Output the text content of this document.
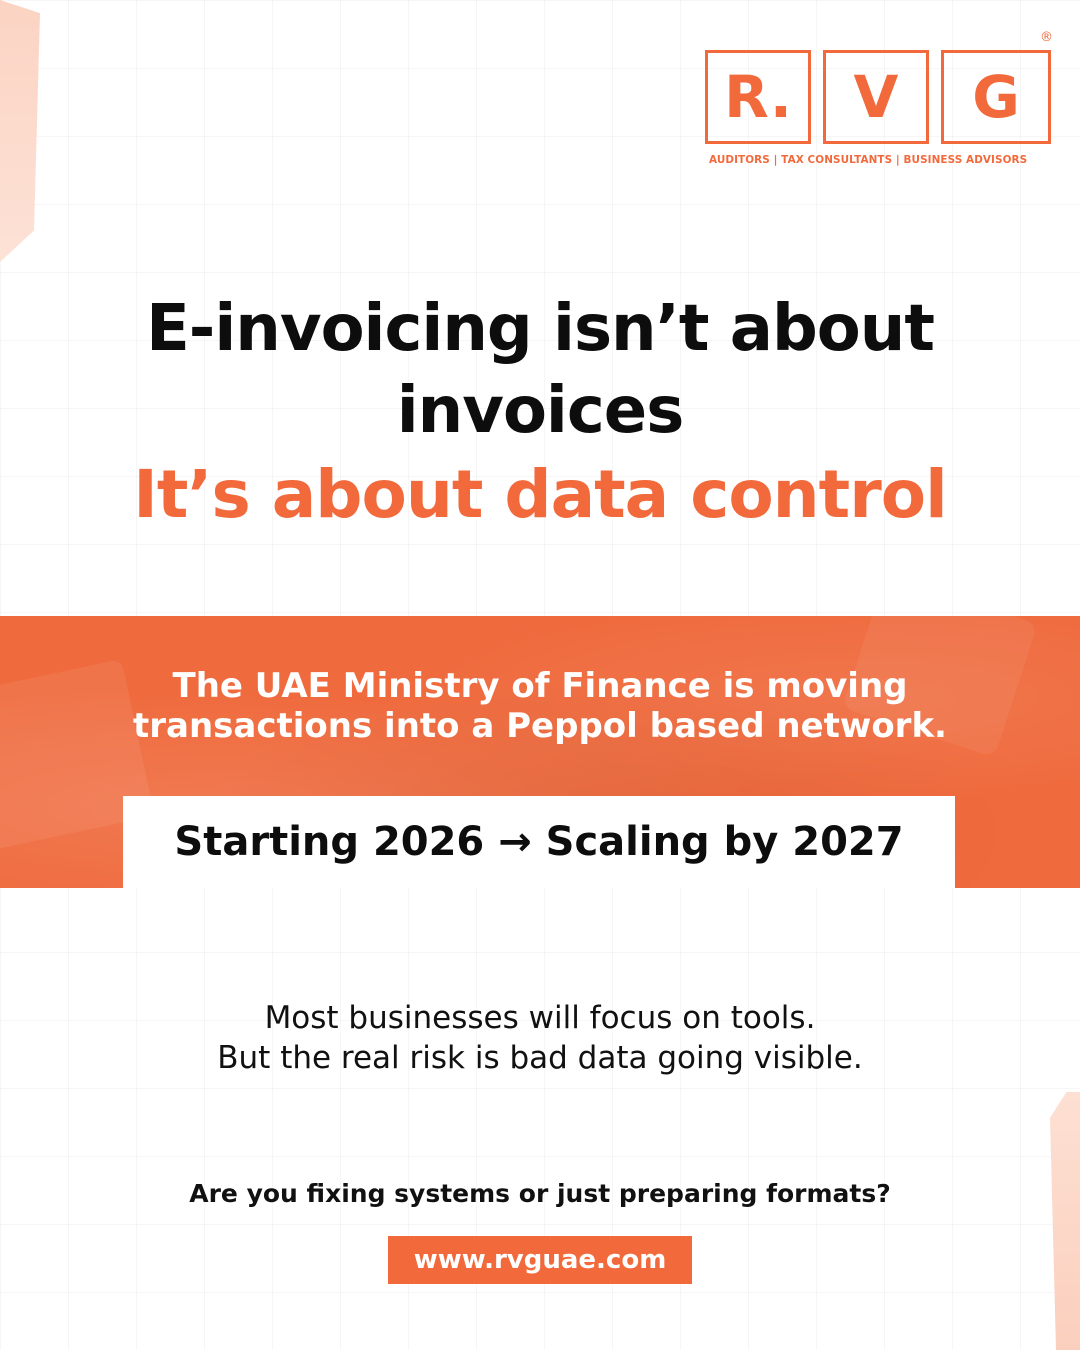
R. V G
®
AUDITORS | TAX CONSULTANTS | BUSINESS ADVISORS
E-invoicing isn’t about
invoices
It’s about data control
The UAE Ministry of Finance is moving
transactions into a Peppol based network.
Starting 2026 → Scaling by 2027
Most businesses will focus on tools.
But the real risk is bad data going visible.
Are you fixing systems or just preparing formats?
www.rvguae.com
